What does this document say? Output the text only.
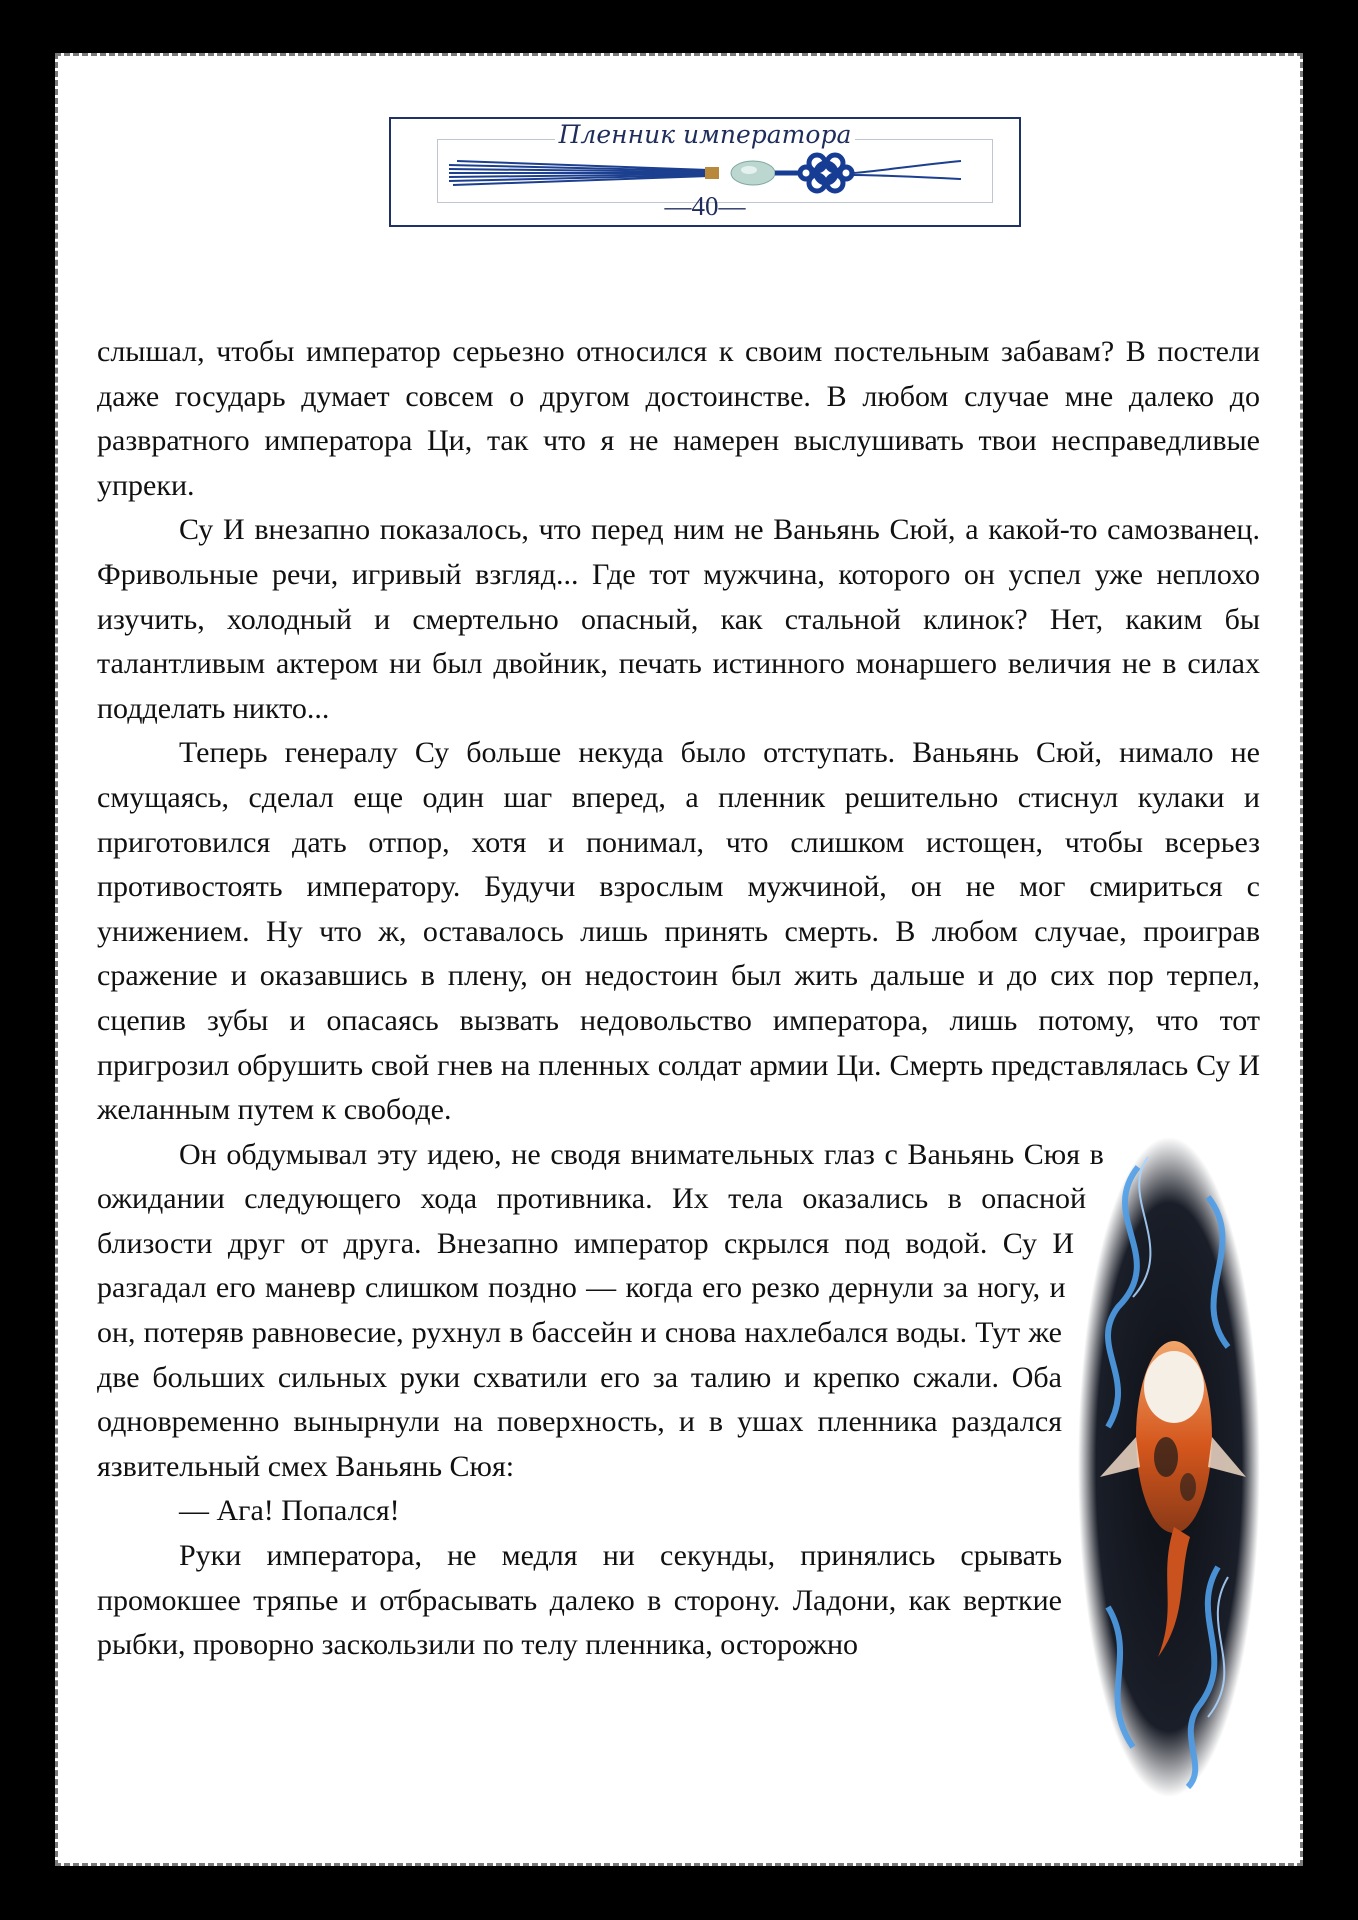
Пленник императора
—40—

слышал, чтобы император серьезно относился к своим постельным забавам? В постели даже государь думает совсем о другом достоинстве. В любом случае мне далеко до развратного императора Ци, так что я не намерен выслушивать твои несправедливые упреки.

Су И внезапно показалось, что перед ним не Ваньянь Сюй, а какой-то самозванец. Фривольные речи, игривый взгляд... Где тот мужчина, которого он успел уже неплохо изучить, холодный и смертельно опасный, как стальной клинок? Нет, каким бы талантливым актером ни был двойник, печать истинного монаршего величия не в силах подделать никто...

Теперь генералу Су больше некуда было отступать. Ваньянь Сюй, нимало не смущаясь, сделал еще один шаг вперед, а пленник решительно стиснул кулаки и приготовился дать отпор, хотя и понимал, что слишком истощен, чтобы всерьез противостоять императору. Будучи взрослым мужчиной, он не мог смириться с унижением. Ну что ж, оставалось лишь принять смерть. В любом случае, проиграв сражение и оказавшись в плену, он недостоин был жить дальше и до сих пор терпел, сцепив зубы и опасаясь вызвать недовольство императора, лишь потому, что тот пригрозил обрушить свой гнев на пленных солдат армии Ци. Смерть представлялась Су И желанным путем к свободе.

Он обдумывал эту идею, не сводя внимательных глаз с Ваньянь Сюя в ожидании следующего хода противника. Их тела оказались в опасной близости друг от друга. Внезапно император скрылся под водой. Су И разгадал его маневр слишком поздно — когда его резко дернули за ногу, и он, потеряв равновесие, рухнул в бассейн и снова нахлебался воды. Тут же две больших сильных руки схватили его за талию и крепко сжали. Оба одновременно вынырнули на поверхность, и в ушах пленника раздался язвительный смех Ваньянь Сюя:

— Ага! Попался!

Руки императора, не медля ни секунды, принялись срывать промокшее тряпье и отбрасывать далеко в сторону. Ладони, как верткие рыбки, проворно заскользили по телу пленника, осторожно
